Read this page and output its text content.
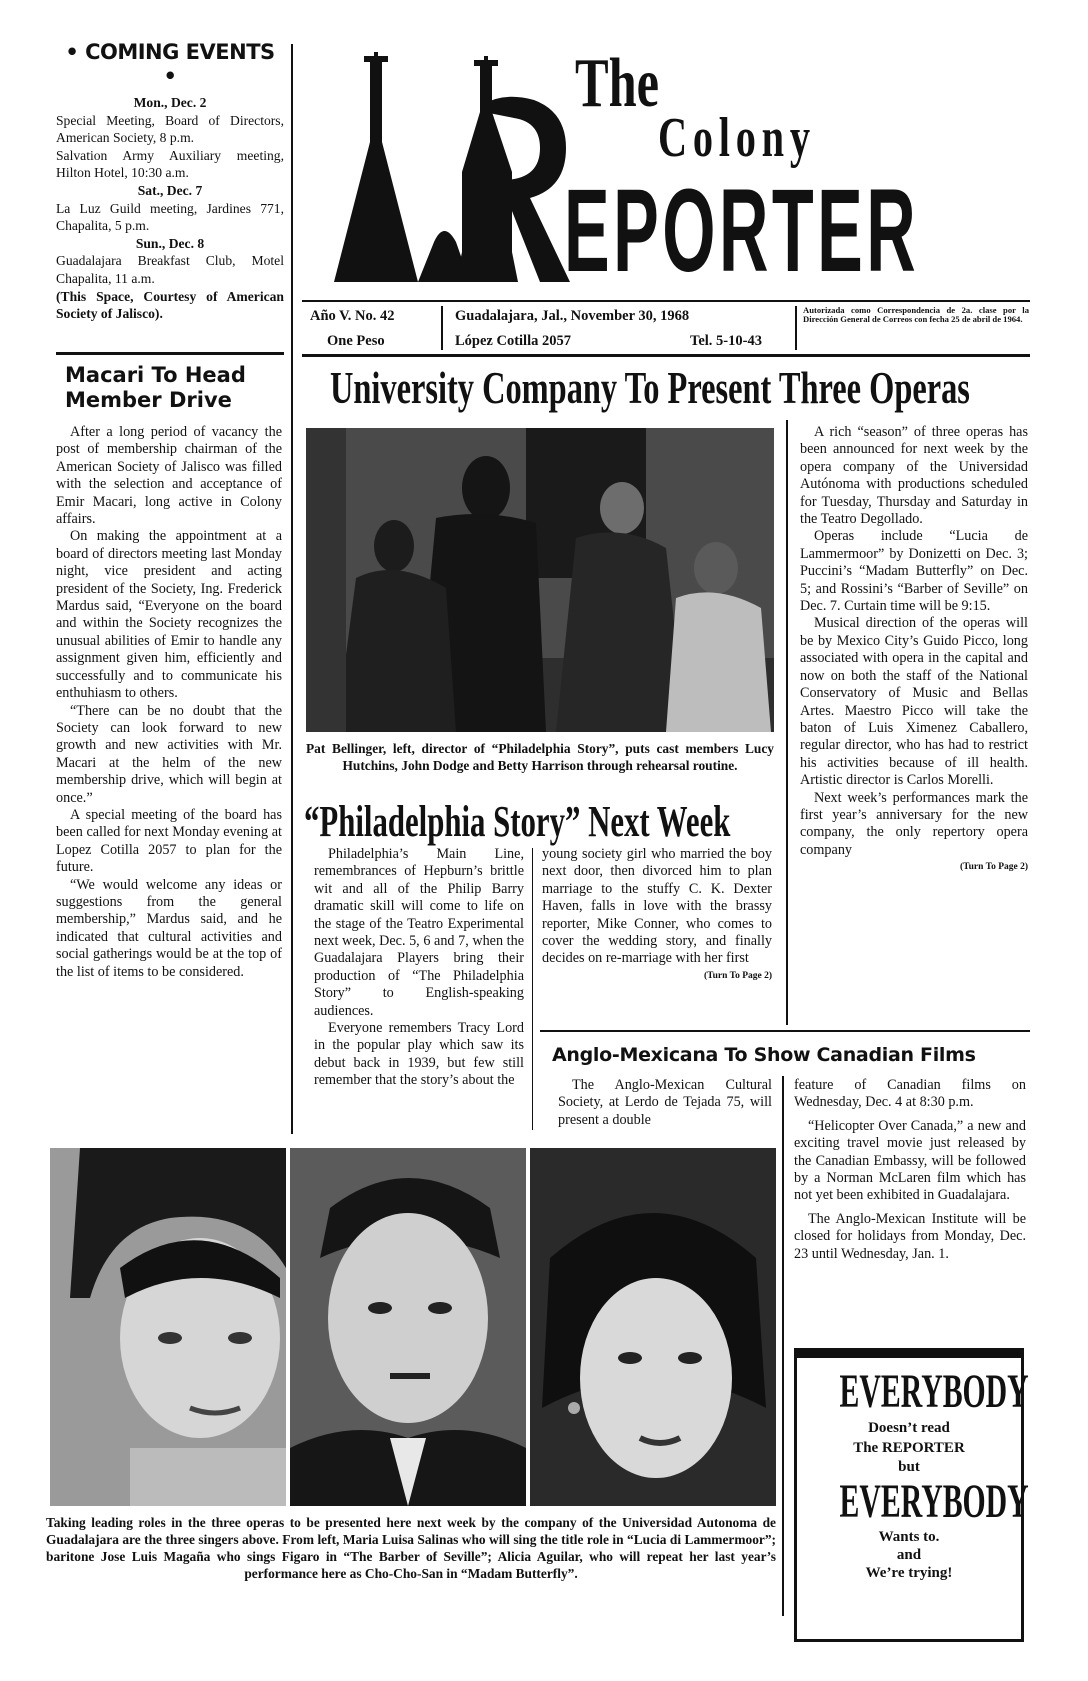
• COMING EVENTS •

Mon., Dec. 2

Special Meeting, Board of Directors, American Society, 8 p.m.

Salvation Army Auxiliary meeting, Hilton Hotel, 10:30 a.m.

Sat., Dec. 7

La Luz Guild meeting, Jardines 771, Chapalita, 5 p.m.

Sun., Dec. 8

Guadalajara Breakfast Club, Motel Chapalita, 11 a.m.

(This Space, Courtesy of American Society of Jalisco).

The
Colony
EPORTER
Año V. No. 42
One Peso
Guadalajara, Jal., November 30, 1968
López Cotilla 2057	Tel. 5-10-43
Autorizada como Correspondencia de 2a. clase por la Dirección General de Correos con fecha 25 de abril de 1964.
Macari To Head Member Drive

After a long period of vacancy the post of membership chairman of the American Society of Jalisco was filled with the selection and acceptance of Emir Macari, long active in Colony affairs.

On making the appointment at a board of directors meeting last Monday night, vice president and acting president of the Society, Ing. Frederick Mardus said, “Everyone on the board and within the Society recognizes the unusual abilities of Emir to handle any assignment given him, efficiently and successfully and to communicate his enthuhiasm to others.

“There can be no doubt that the Society can look forward to new growth and new activities with Mr. Macari at the helm of the new membership drive, which will begin at once.”

A special meeting of the board has been called for next Monday evening at Lopez Cotilla 2057 to plan for the future.

“We would welcome any ideas or suggestions from the general membership,” Mardus said, and he indicated that cultural activities and social gatherings would be at the top of the list of items to be considered.

University Company To Present Three Operas
Pat Bellinger, left, director of “Philadelphia Story”, puts cast members Lucy Hutchins, John Dodge and Betty Harrison through rehearsal routine.

A rich “season” of three operas has been announced for next week by the opera company of the Universidad Autónoma with productions scheduled for Tuesday, Thursday and Saturday in the Teatro Degollado.

Operas include “Lucia de Lammermoor” by Donizetti on Dec. 3; Puccini’s “Madam Butterfly” on Dec. 5; and Rossini’s “Barber of Seville” on Dec. 7. Curtain time will be 9:15.

Musical direction of the operas will be by Mexico City’s Guido Picco, long associated with opera in the capital and now on both the staff of the National Conservatory of Music and Bellas Artes. Maestro Picco will take the baton of Luis Ximenez Caballero, regular director, who has had to restrict his activities because of ill health. Artistic director is Carlos Morelli.

Next week’s performances mark the first year’s anniversary for the new company, the only repertory opera company

(Turn To Page 2)
“Philadelphia Story” Next Week

Philadelphia’s Main Line, remembrances of Hepburn’s brittle wit and all of the Philip Barry dramatic skill will come to life on the stage of the Teatro Experimental next week, Dec. 5, 6 and 7, when the Guadalajara Players bring their production of “The Philadelphia Story” to English-speaking audiences.

Everyone remembers Tracy Lord in the popular play which saw its debut back in 1939, but few still remember that the story’s about the

young society girl who married the boy next door, then divorced him to plan marriage to the stuffy C. K. Dexter Haven, falls in love with the brassy reporter, Mike Conner, who comes to cover the wedding story, and finally decides on re-marriage with her first

(Turn To Page 2)
Anglo-Mexicana To Show Canadian Films

The Anglo-Mexican Cultural Society, at Lerdo de Tejada 75, will present a double

feature of Canadian films on Wednesday, Dec. 4 at 8:30 p.m.

“Helicopter Over Canada,” a new and exciting travel movie just released by the Canadian Embassy, will be followed by a Norman McLaren film which has not yet been exhibited in Guadalajara.

The Anglo-Mexican Institute will be closed for holidays from Monday, Dec. 23 until Wednesday, Jan. 1.

Taking leading roles in the three operas to be presented here next week by the company of the Universidad Autonoma de Guadalajara are the three singers above. From left, Maria Luisa Salinas who will sing the title role in “Lucia di Lammermoor”; baritone Jose Luis Magaña who sings Figaro in “The Barber of Seville”; Alicia Aguilar, who will repeat her last year’s performance here as Cho-Cho-San in “Madam Butterfly”.
EVERYBODY
Doesn’t read
The REPORTER
but
EVERYBODY
Wants to.
and
We’re trying!
